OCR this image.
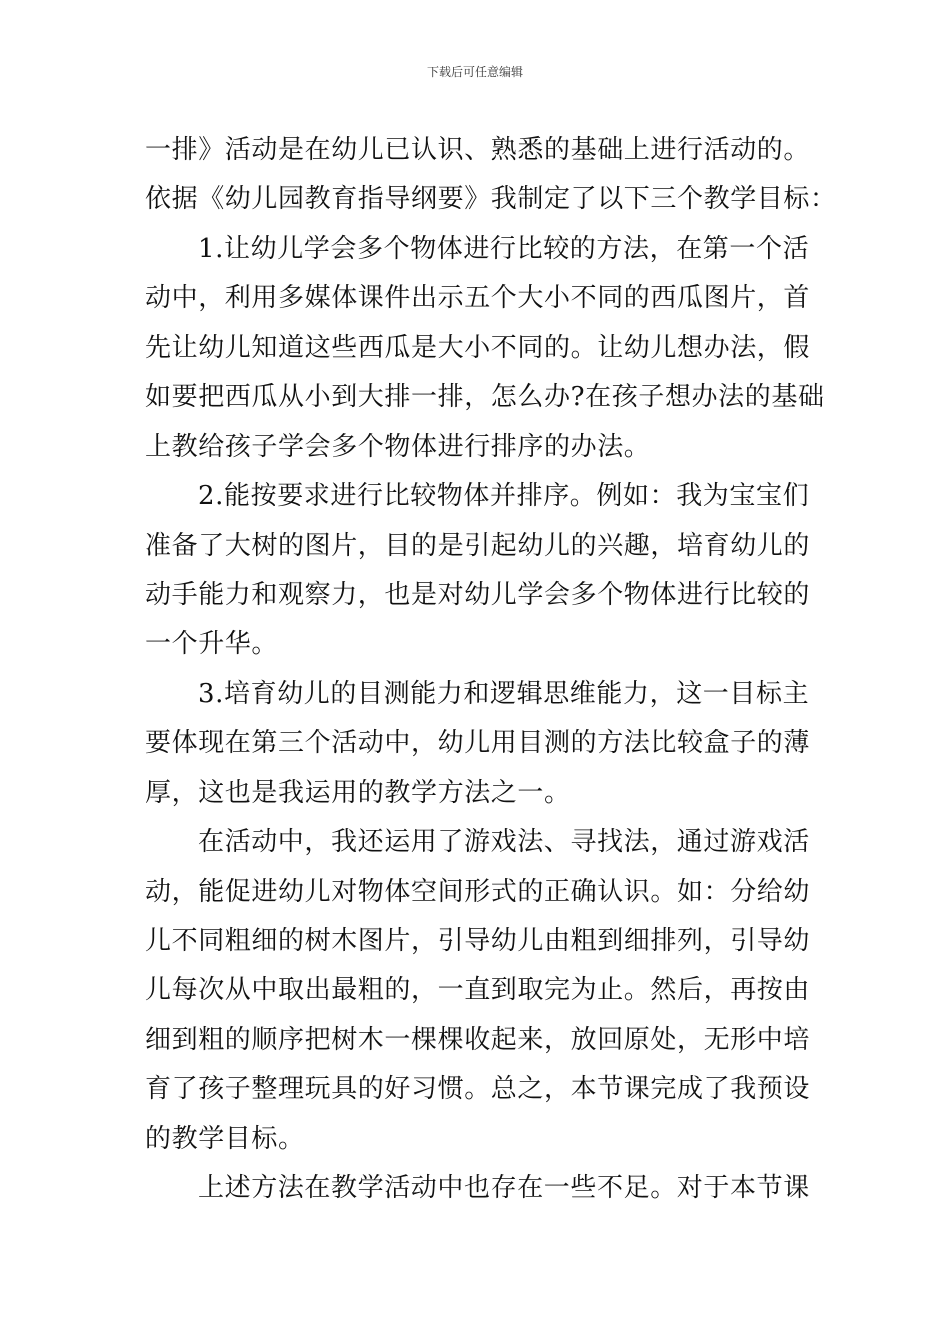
下载后可任意编辑
一排》活动是在幼儿已认识、熟悉的基础上进行活动的。
依据《幼儿园教育指导纲要》我制定了以下三个教学目标：
1.让幼儿学会多个物体进行比较的方法，在第一个活
动中，利用多媒体课件出示五个大小不同的西瓜图片，首
先让幼儿知道这些西瓜是大小不同的。让幼儿想办法，假
如要把西瓜从小到大排一排，怎么办?在孩子想办法的基础
上教给孩子学会多个物体进行排序的办法。
2.能按要求进行比较物体并排序。例如：我为宝宝们
准备了大树的图片，目的是引起幼儿的兴趣，培育幼儿的
动手能力和观察力，也是对幼儿学会多个物体进行比较的
一个升华。
3.培育幼儿的目测能力和逻辑思维能力，这一目标主
要体现在第三个活动中，幼儿用目测的方法比较盒子的薄
厚，这也是我运用的教学方法之一。
在活动中，我还运用了游戏法、寻找法，通过游戏活
动，能促进幼儿对物体空间形式的正确认识。如：分给幼
儿不同粗细的树木图片，引导幼儿由粗到细排列，引导幼
儿每次从中取出最粗的，一直到取完为止。然后，再按由
细到粗的顺序把树木一棵棵收起来，放回原处，无形中培
育了孩子整理玩具的好习惯。总之，本节课完成了我预设
的教学目标。
上述方法在教学活动中也存在一些不足。对于本节课
